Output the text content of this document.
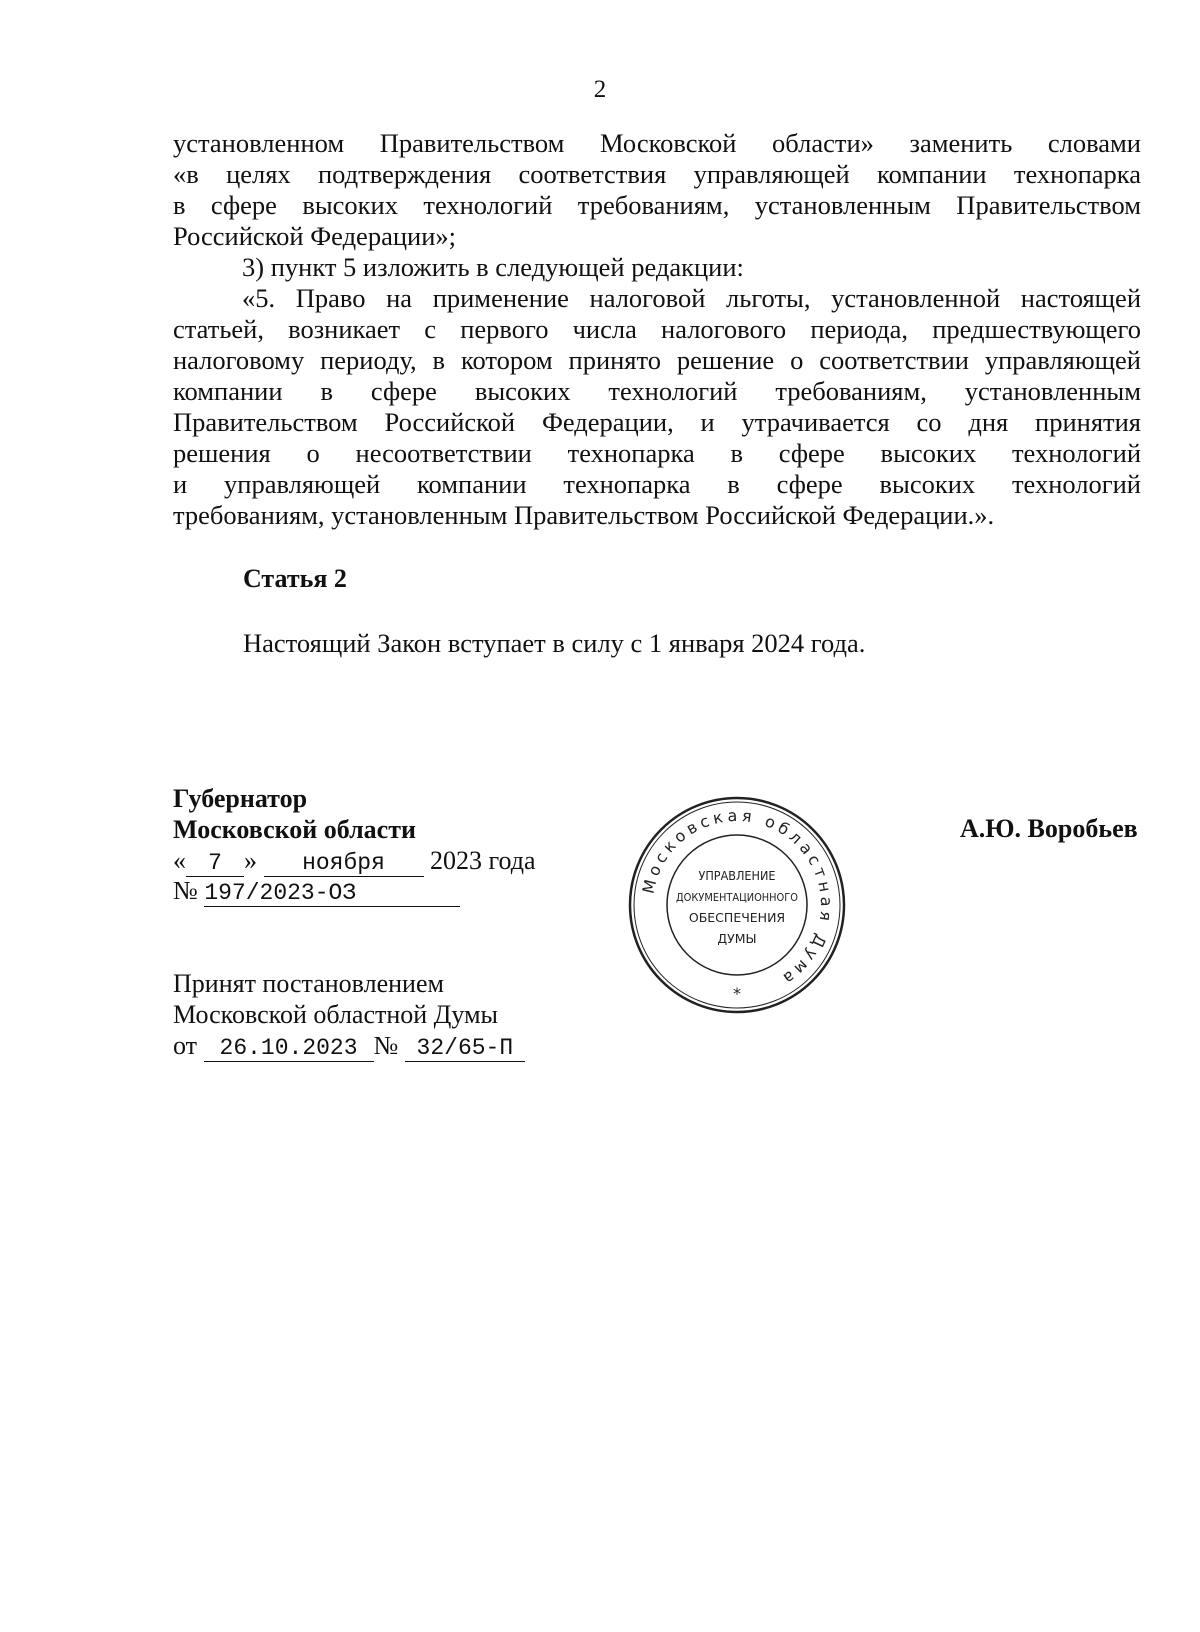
2

установленном Правительством Московской области» заменить словами

«в целях подтверждения соответствия управляющей компании технопарка

в сфере высоких технологий требованиям, установленным Правительством

Российской Федерации»;

3) пункт 5 изложить в следующей редакции:

«5. Право на применение налоговой льготы, установленной настоящей

статьей, возникает с первого числа налогового периода, предшествующего

налоговому периоду, в котором принято решение о соответствии управляющей

компании в сфере высоких технологий требованиям, установленным

Правительством Российской Федерации, и утрачивается со дня принятия

решения о несоответствии технопарка в сфере высоких технологий

и управляющей компании технопарка в сфере высоких технологий

требованиям, установленным Правительством Российской Федерации.».

Статья 2

Настоящий Закон вступает в силу с 1 января 2024 года.

Губернатор
Московской области	А.Ю. Воробьев
« 7 » ноября 2023 года
№ 197/2023-ОЗ
Принят постановлением
Московской областной Думы
от 26.10.2023 № 32/65-П
Московская областная Дума
УПРАВЛЕНИЕ
ДОКУМЕНТАЦИОННОГО
ОБЕСПЕЧЕНИЯ
ДУМЫ
*
